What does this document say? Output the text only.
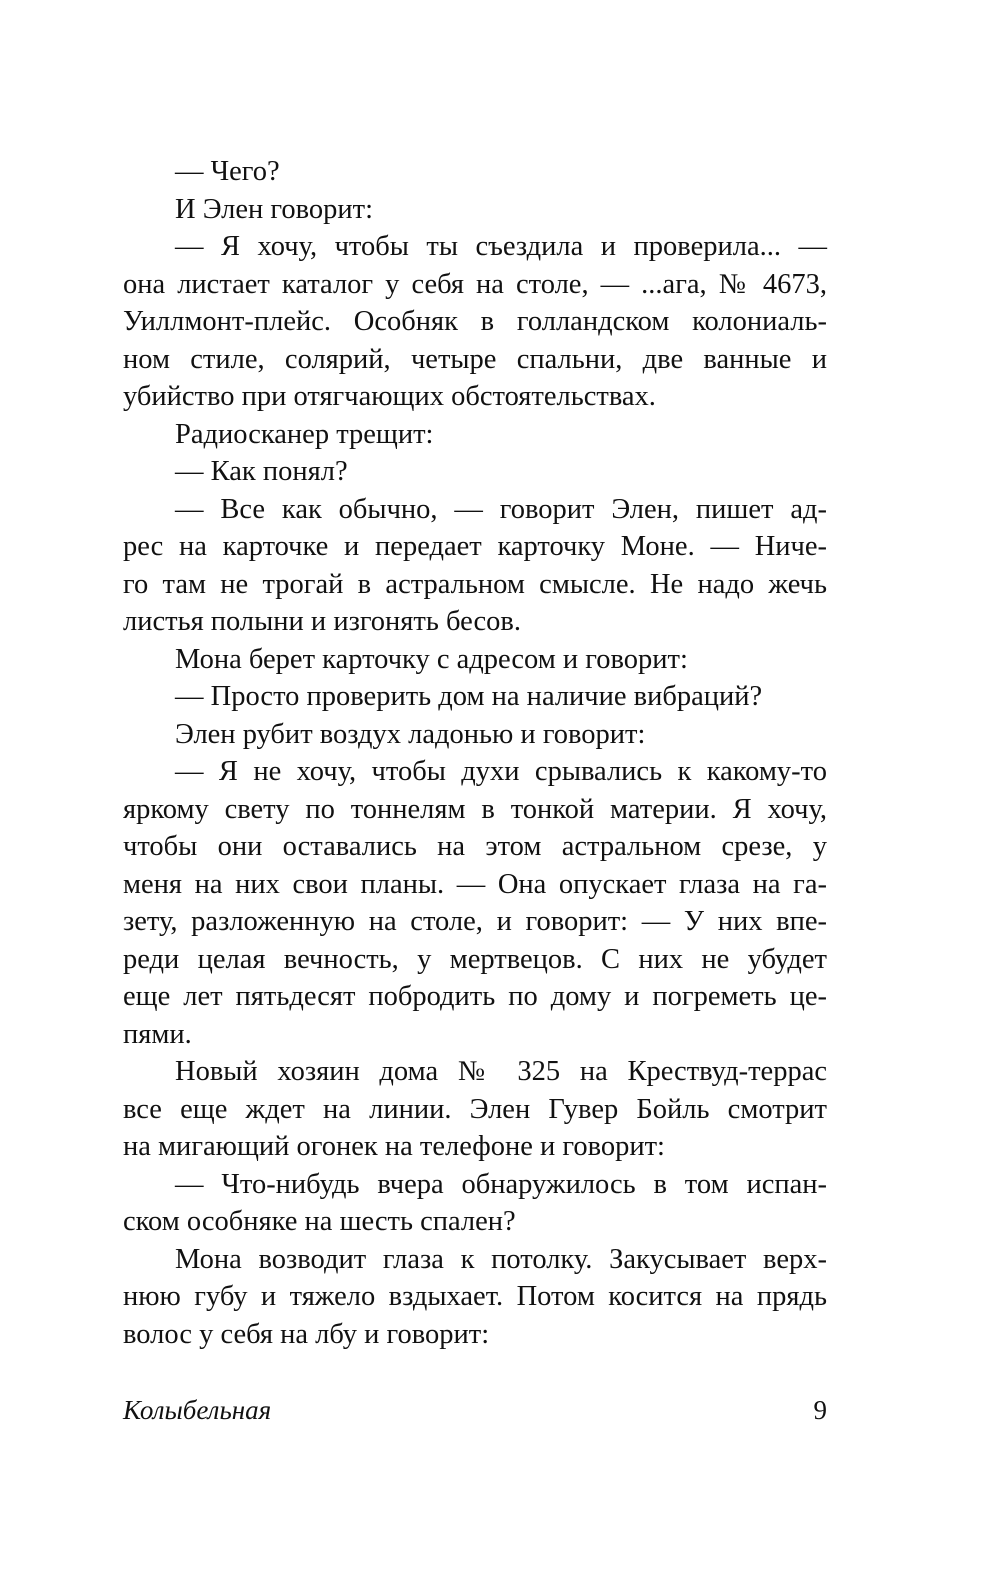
— Чего?
И Элен говорит:
— Я хочу, чтобы ты съездила и проверила... —
она листает каталог у себя на столе, — ...ага, № 4673,
Уиллмонт-плейс. Особняк в голландском колониаль-
ном стиле, солярий, четыре спальни, две ванные и
убийство при отягчающих обстоятельствах.
Радиосканер трещит:
— Как понял?
— Все как обычно, — говорит Элен, пишет ад-
рес на карточке и передает карточку Моне. — Ниче-
го там не трогай в астральном смысле. Не надо жечь
листья полыни и изгонять бесов.
Мона берет карточку с адресом и говорит:
— Просто проверить дом на наличие вибраций?
Элен рубит воздух ладонью и говорит:
— Я не хочу, чтобы духи срывались к какому-то
яркому свету по тоннелям в тонкой материи. Я хочу,
чтобы они оставались на этом астральном срезе, у
меня на них свои планы. — Она опускает глаза на га-
зету, разложенную на столе, и говорит: — У них впе-
реди целая вечность, у мертвецов. С них не убудет
еще лет пятьдесят побродить по дому и погреметь це-
пями.
Новый хозяин дома № 325 на Крествуд-террас
все еще ждет на линии. Элен Гувер Бойль смотрит
на мигающий огонек на телефоне и говорит:
— Что-нибудь вчера обнаружилось в том испан-
ском особняке на шесть спален?
Мона возводит глаза к потолку. Закусывает верх-
нюю губу и тяжело вздыхает. Потом косится на прядь
волос у себя на лбу и говорит:
Колыбельная	9
